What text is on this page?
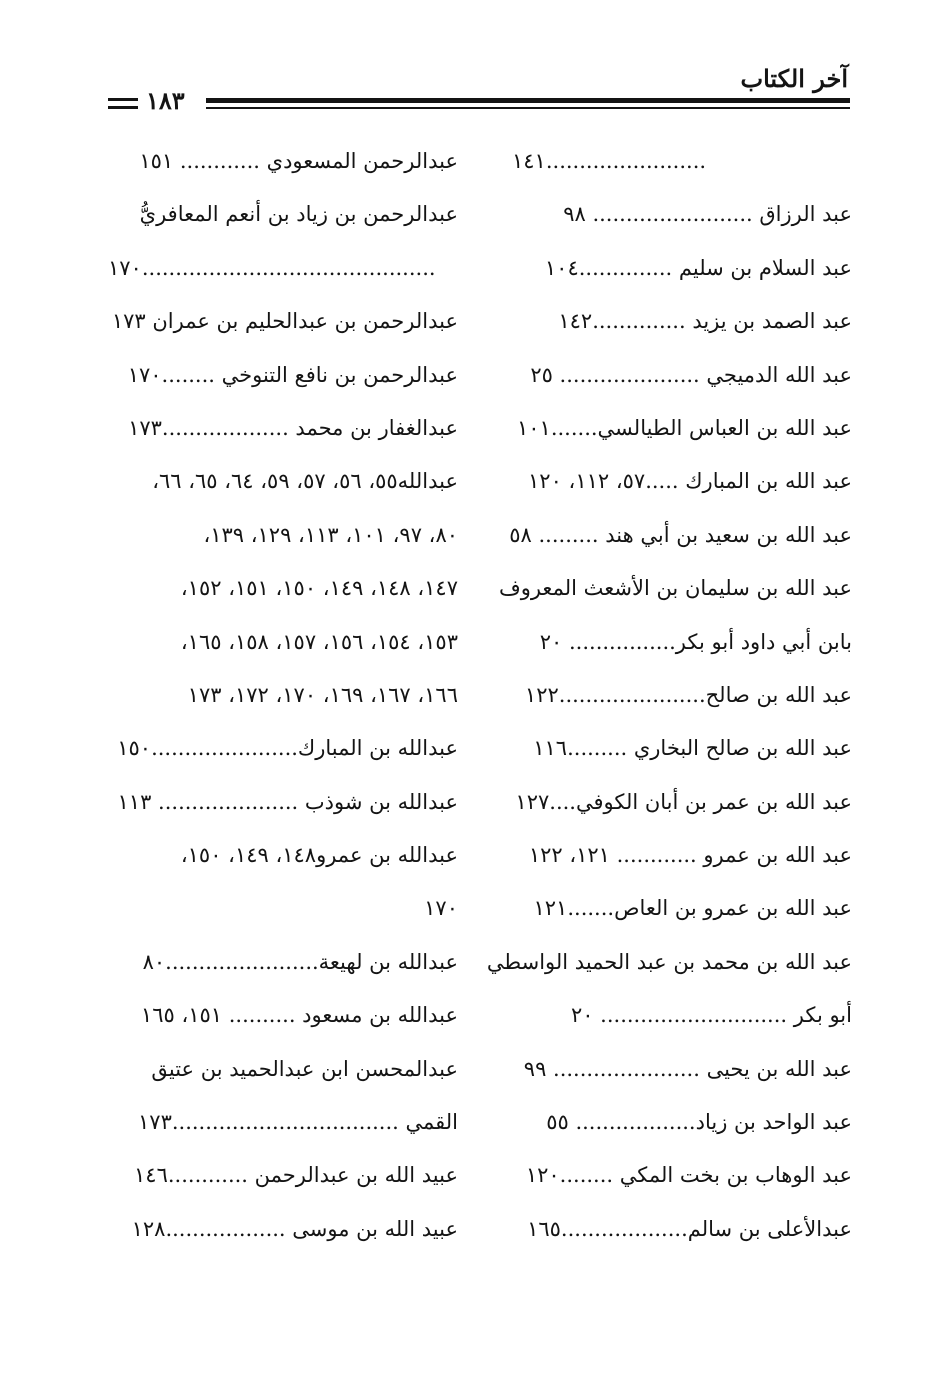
آخر الكتاب
١٨٣
........................١٤١
عبد الرزاق ........................ ٩٨
عبد السلام بن سليم ..............١٠٤
عبد الصمد بن يزيد ..............١٤٢
عبد الله الدميجي ..................... ٢٥
عبد الله بن العباس الطيالسي.......١٠١
عبد الله بن المبارك .....٥٧، ١١٢، ١٢٠
عبد الله بن سعيد بن أبي هند ......... ٥٨
عبد الله بن سليمان بن الأشعث المعروف
بابن أبي داود أبو بكر................ ٢٠
عبد الله بن صالح......................١٢٢
عبد الله بن صالح البخاري .........١١٦
عبد الله بن عمر بن أبان الكوفي....١٢٧
عبد الله بن عمرو ............ ١٢١، ١٢٢
عبد الله بن عمرو بن العاص.......١٢١
عبد الله بن محمد بن عبد الحميد الواسطي
أبو بكر ............................ ٢٠
عبد الله بن يحيى ...................... ٩٩
عبد الواحد بن زياد.................. ٥٥
عبد الوهاب بن بخت المكي ........١٢٠
عبدالأعلى بن سالم...................١٦٥
عبدالرحمن المسعودي ............ ١٥١
عبدالرحمن بن زياد بن أنعم المعافريُّ
............................................١٧٠
عبدالرحمن بن عبدالحليم بن عمران ١٧٣
عبدالرحمن بن نافع التنوخي ........١٧٠
عبدالغفار بن محمد ...................١٧٣
عبدالله٥٥، ٥٦، ٥٧، ٥٩، ٦٤، ٦٥، ٦٦،
٨٠، ٩٧، ١٠١، ١١٣، ١٢٩، ١٣٩،
١٤٧، ١٤٨، ١٤٩، ١٥٠، ١٥١، ١٥٢،
١٥٣، ١٥٤، ١٥٦، ١٥٧، ١٥٨، ١٦٥،
١٦٦، ١٦٧، ١٦٩، ١٧٠، ١٧٢، ١٧٣
عبدالله بن المبارك......................١٥٠
عبدالله بن شوذب ..................... ١١٣
عبدالله بن عمرو١٤٨، ١٤٩، ١٥٠،
١٧٠
عبدالله بن لهيعة.......................٨٠
عبدالله بن مسعود .......... ١٥١، ١٦٥
عبدالمحسن ابن عبدالحميد بن عتيق
القمي ..................................١٧٣
عبيد الله بن عبدالرحمن ............١٤٦
عبيد الله بن موسى ..................١٢٨
